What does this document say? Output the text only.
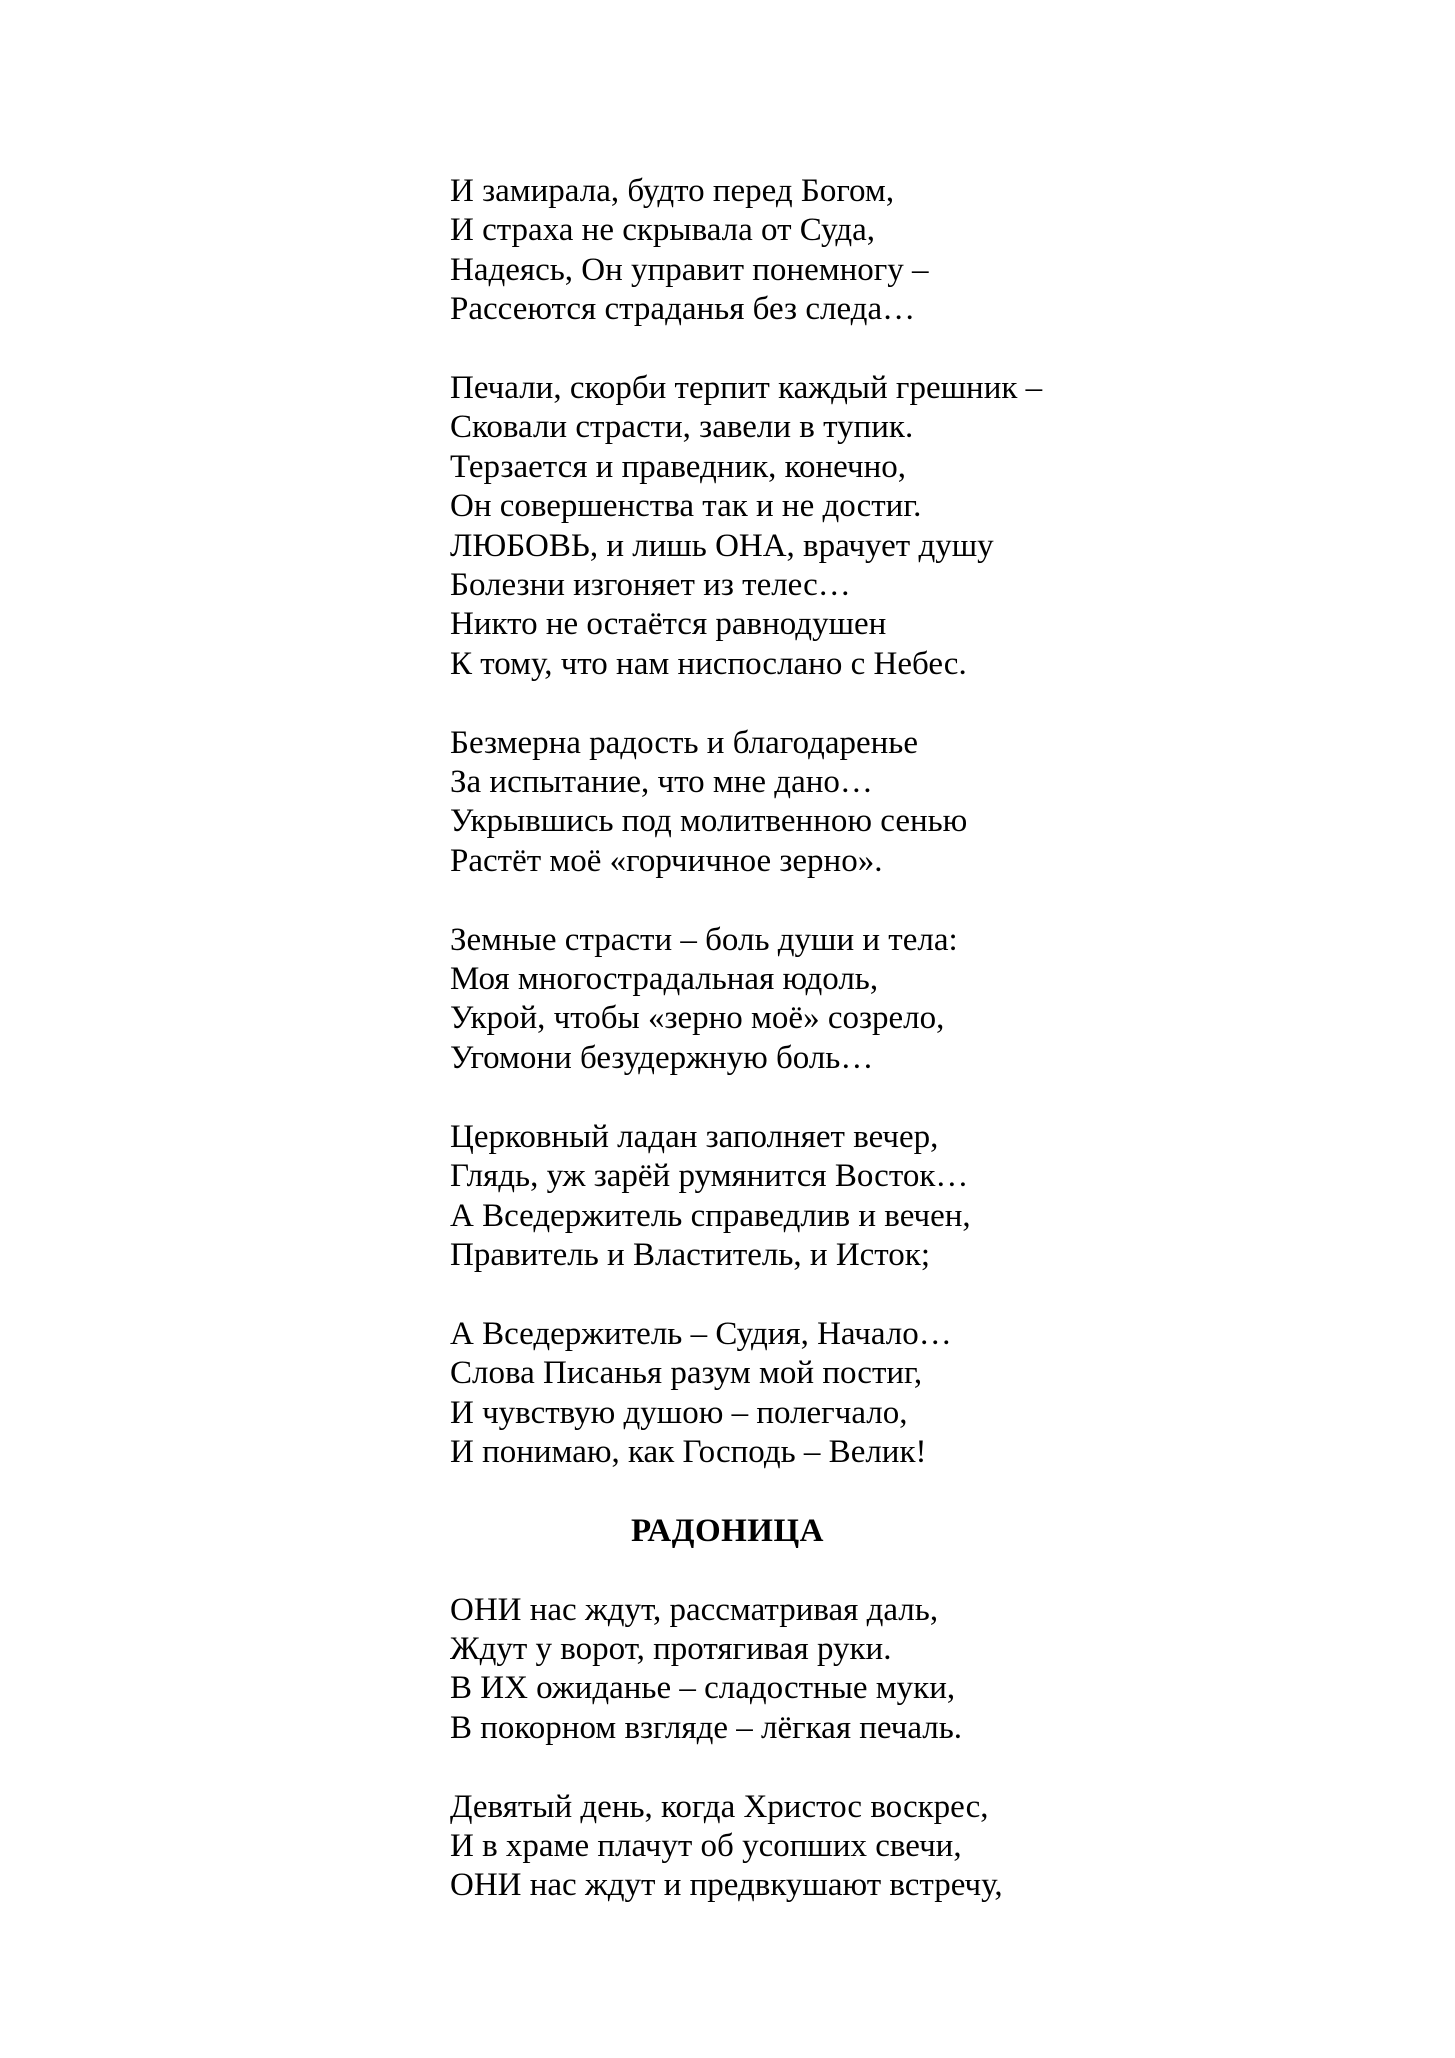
И замирала, будто перед Богом,

И страха не скрывала от Суда,

Надеясь, Он управит понемногу –

Рассеются страданья без следа…

Печали, скорби терпит каждый грешник –

Сковали страсти, завели в тупик.

Терзается и праведник, конечно,

Он совершенства так и не достиг.

ЛЮБОВЬ, и лишь ОНА, врачует душу

Болезни изгоняет из телес…

Никто не остаётся равнодушен

К тому, что нам ниспослано с Небес.

Безмерна радость и благодаренье

За испытание, что мне дано…

Укрывшись под молитвенною сенью

Растёт моё «горчичное зерно».

Земные страсти – боль души и тела:

Моя многострадальная юдоль,

Укрой, чтобы «зерно моё» созрело,

Угомони безудержную боль…

Церковный ладан заполняет вечер,

Глядь, уж зарёй румянится Восток…

А Вседержитель справедлив и вечен,

Правитель и Властитель, и Исток;

А Вседержитель – Судия, Начало…

Слова Писанья разум мой постиг,

И чувствую душою – полегчало,

И понимаю, как Господь – Велик!

РАДОНИЦА

ОНИ нас ждут, рассматривая даль,

Ждут у ворот, протягивая руки.

В ИХ ожиданье – сладостные муки,

В покорном взгляде – лёгкая печаль.

Девятый день, когда Христос воскрес,

И в храме плачут об усопших свечи,

ОНИ нас ждут и предвкушают встречу,
